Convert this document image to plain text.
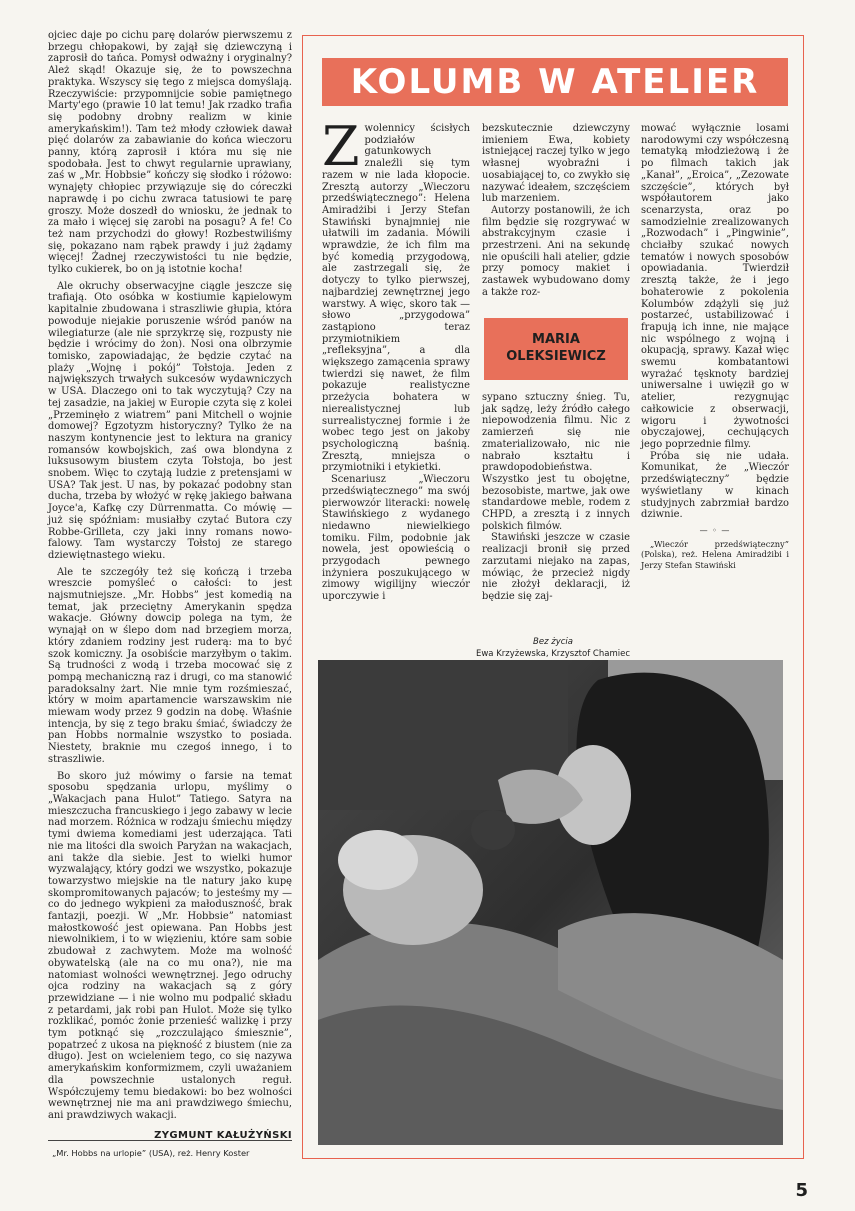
ojciec daje po cichu parę dolarów pierwszemu z brzegu chłopakowi, by zajął się dziewczyną i zaprosił do tańca. Pomysł odważny i oryginalny? Ależ skąd! Okazuje się, że to powszechna praktyka. Wszyscy się tego z miejsca domyślają. Rzeczywiście: przypomnijcie sobie pamiętnego Marty'ego (prawie 10 lat temu! Jak rzadko trafia się podobny drobny realizm w kinie amerykańskim!). Tam też młody człowiek dawał pięć dolarów za zabawianie do końca wieczoru panny, którą zaprosił i która mu się nie spodobała. Jest to chwyt regularnie uprawiany, zaś w „Mr. Hobbsie” kończy się słodko i różowo: wynajęty chłopiec przywiązuje się do córeczki naprawdę i po cichu zwraca tatusiowi te parę groszy. Może doszedł do wniosku, że jednak to za mało i więcej się zarobi na posagu? A fe! Co też nam przychodzi do głowy! Rozbestwiliśmy się, pokazano nam rąbek prawdy i już żądamy więcej! Żadnej rzeczywistości tu nie będzie, tylko cukierek, bo on ją istotnie kocha!

Ale okruchy obserwacyjne ciągle jeszcze się trafiają. Oto osóbka w kostiumie kąpielowym kapitalnie zbudowana i straszliwie głupia, która powoduje niejakie poruszenie wśród panów na wilegiaturze (ale nie sprzykrzę się, rozpusty nie będzie i wrócimy do żon). Nosi ona olbrzymie tomisko, zapowiadając, że będzie czytać na plaży „Wojnę i pokój” Tołstoja. Jeden z największych trwałych sukcesów wydawniczych w USA. Dlaczego oni to tak wyczytują? Czy na tej zasadzie, na jakiej w Europie czyta się z kolei „Przeminęło z wiatrem” pani Mitchell o wojnie domowej? Egzotyzm historyczny? Tylko że na naszym kontynencie jest to lektura na granicy romansów kowbojskich, zaś owa blondyna z luksusowym biustem czyta Tołstoja, bo jest snobem. Więc to czytają ludzie z pretensjami w USA? Tak jest. U nas, by pokazać podobny stan ducha, trzeba by włożyć w rękę jakiego bałwana Joyce'a, Kafkę czy Dürrenmatta. Co mówię — już się spóźniam: musiałby czytać Butora czy Robbe-Grilleta, czy jaki inny romans nowo-falowy. Tam wystarczy Tołstoj ze starego dziewiętnastego wieku.

Ale te szczegóły też się kończą i trzeba wreszcie pomyśleć o całości: to jest najsmutniejsze. „Mr. Hobbs” jest komedią na temat, jak przeciętny Amerykanin spędza wakacje. Główny dowcip polega na tym, że wynajął on w ślepo dom nad brzegiem morza, który zdaniem rodziny jest ruderą: ma to być szok komiczny. Ja osobiście marzyłbym o takim. Są trudności z wodą i trzeba mocować się z pompą mechaniczną raz i drugi, co ma stanowić paradoksalny żart. Nie mnie tym rozśmieszać, który w moim apartamencie warszawskim nie miewam wody przez 9 godzin na dobę. Właśnie intencja, by się z tego braku śmiać, świadczy że pan Hobbs normalnie wszystko to posiada. Niestety, braknie mu czegoś innego, i to straszliwie.

Bo skoro już mówimy o farsie na temat sposobu spędzania urlopu, myślimy o „Wakacjach pana Hulot” Tatiego. Satyra na mieszczucha francuskiego i jego zabawy w lecie nad morzem. Różnica w rodzaju śmiechu między tymi dwiema komediami jest uderzająca. Tati nie ma litości dla swoich Paryżan na wakacjach, ani także dla siebie. Jest to wielki humor wyzwalający, który godzi we wszystko, pokazuje towarzystwo miejskie na tle natury jako kupę skompromitowanych pajaców; to jesteśmy my — co do jednego wykpieni za małoduszność, brak fantazji, poezji. W „Mr. Hobbsie” natomiast małostkowość jest opiewana. Pan Hobbs jest niewolnikiem, i to w więzieniu, które sam sobie zbudował z zachwytem. Może ma wolność obywatelską (ale na co mu ona?), nie ma natomiast wolności wewnętrznej. Jego odruchy ojca rodziny na wakacjach są z góry przewidziane — i nie wolno mu podpalić składu z petardami, jak robi pan Hulot. Może się tylko rozklikać, pomóc żonie przenieść walizkę i przy tym potknąć się „rozczulająco śmiesznie”, popatrzeć z ukosa na piękność z biustem (nie za długo). Jest on wcieleniem tego, co się nazywa amerykańskim konformizmem, czyli uważaniem dla powszechnie ustalonych reguł. Współczujemy temu biedakowi: bo bez wolności wewnętrznej nie ma ani prawdziwego śmiechu, ani prawdziwych wakacji.

ZYGMUNT KAŁUŻYŃSKI
„Mr. Hobbs na urlopie” (USA), reż. Henry Koster
KOLUMB W ATELIER

Zwolennicy ścisłych podziałów gatunkowych znaleźli się tym razem w nie lada kłopocie. Zresztą autorzy „Wieczoru przedświątecznego”: Helena Amiradżibi i Jerzy Stefan Stawiński bynajmniej nie ułatwili im zadania. Mówili wprawdzie, że ich film ma być komedią przygodową, ale zastrzegali się, że dotyczy to tylko pierwszej, najbardziej zewnętrznej jego warstwy. A więc, skoro tak — słowo „przygodowa” zastąpiono teraz przymiotnikiem „refleksyjna”, a dla większego zamącenia sprawy twierdzi się nawet, że film pokazuje realistyczne przeżycia bohatera w nierealistycznej lub surrealistycznej formie i że wobec tego jest on jakoby psychologiczną baśnią. Zresztą, mniejsza o przymiotniki i etykietki.

Scenariusz „Wieczoru przedświątecznego” ma swój pierwowzór literacki: nowelę Stawińskiego z wydanego niedawno niewielkiego tomiku. Film, podobnie jak nowela, jest opowieścią o przygodach pewnego inżyniera poszukującego w zimowy wigilijny wieczór uporczywie i

bezskutecznie dziewczyny imieniem Ewa, kobiety istniejącej raczej tylko w jego własnej wyobraźni i uosabiającej to, co zwykło się nazywać ideałem, szczęściem lub marzeniem.

Autorzy postanowili, że ich film będzie się rozgrywać w abstrakcyjnym czasie i przestrzeni. Ani na sekundę nie opuścili hali atelier, gdzie przy pomocy makiet i zastawek wybudowano domy a także roz-

MARIA
OLEKSIEWICZ

sypano sztuczny śnieg. Tu, jak sądzę, leży źródło całego niepowodzenia filmu. Nic z zamierzeń się nie zmaterializowało, nic nie nabrało kształtu i prawdopodobieństwa. Wszystko jest tu obojętne, bezosobiste, martwe, jak owe standardowe meble, rodem z CHPD, a zresztą i z innych polskich filmów.

Stawiński jeszcze w czasie realizacji bronił się przed zarzutami niejako na zapas, mówiąc, że przecież nigdy nie złożył deklaracji, iż będzie się zaj-

mować wyłącznie losami narodowymi czy współczesną tematyką młodzieżową i że po filmach takich jak „Kanał”, „Eroica”, „Zezowate szczęście”, których był współautorem jako scenarzysta, oraz po samodzielnie zrealizowanych „Rozwodach” i „Pingwinie”, chciałby szukać nowych tematów i nowych sposobów opowiadania. Twierdził zresztą także, że i jego bohaterowie z pokolenia Kolumbów zdążyli się już postarzeć, ustabilizować i frapują ich inne, nie mające nic wspólnego z wojną i okupacją, sprawy. Kazał więc swemu kombatantowi wyrażać tęsknoty bardziej uniwersalne i uwięził go w atelier, rezygnując całkowicie z obserwacji, wigoru i żywotności obyczajowej, cechujących jego poprzednie filmy.

Próba się nie udała. Komunikat, że „Wieczór przedświąteczny” będzie wyświetlany w kinach studyjnych zabrzmiał bardzo dziwnie.

— ◦ —

„Wieczór przedświąteczny” (Polska), reż. Helena Amiradżibi i Jerzy Stefan Stawiński

Bez życia
Ewa Krzyżewska, Krzysztof Chamiec
5
